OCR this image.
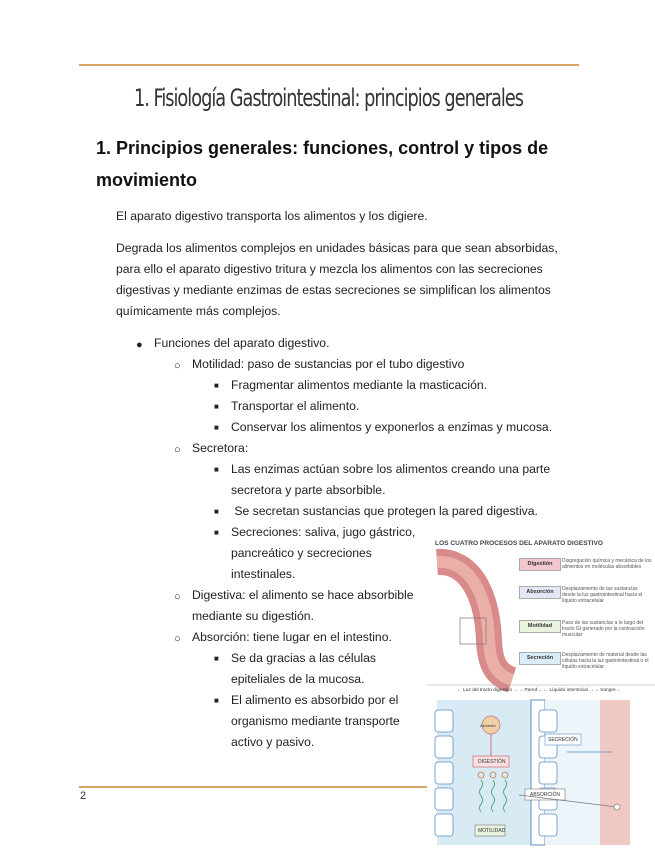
1. Fisiología Gastrointestinal: principios generales
1. Principios generales: funciones, control y tipos de movimiento
El aparato digestivo transporta los alimentos y los digiere.
Degrada los alimentos complejos en unidades básicas para que sean absorbidas, para ello el aparato digestivo tritura y mezcla los alimentos con las secreciones digestivas y mediante enzimas de estas secreciones se simplifican los alimentos químicamente más complejos.
● Funciones del aparato digestivo.
○ Motilidad: paso de sustancias por el tubo digestivo
■ Fragmentar alimentos mediante la masticación.
■ Transportar el alimento.
■ Conservar los alimentos y exponerlos a enzimas y mucosa.
○ Secretora:
■ Las enzimas actúan sobre los alimentos creando una parte
secretora y parte absorbible.
■ Se secretan sustancias que protegen la pared digestiva.
■ Secreciones: saliva, jugo gástrico,
pancreático y secreciones
intestinales.
○ Digestiva: el alimento se hace absorbible
mediante su digestión.
○ Absorción: tiene lugar en el intestino.
■ Se da gracias a las células
epiteliales de la mucosa.
■ El alimento es absorbido por el
organismo mediante transporte
activo y pasivo.
2
LOS CUATRO PROCESOS DEL APARATO DIGESTIVO
Digestión	Disgregación química y mecánica de los alimentos en moléculas absorbibles
Absorción	Desplazamiento de las sustancias desde la luz gastrointestinal hacia el líquido extracelular
Motilidad	Paso de las sustancias a lo largo del tracto GI generado por la contracción muscular
Secreción	Desplazamiento de material desde las células hacia la luz gastrointestinal o el líquido extracelular
← Luz del tracto digestivo → ←Pared→ ← Líquido intersticial → ←Sangre→
Alimento
DIGESTIÓN
SECRECIÓN
ABSORCIÓN
MOTILIDAD
